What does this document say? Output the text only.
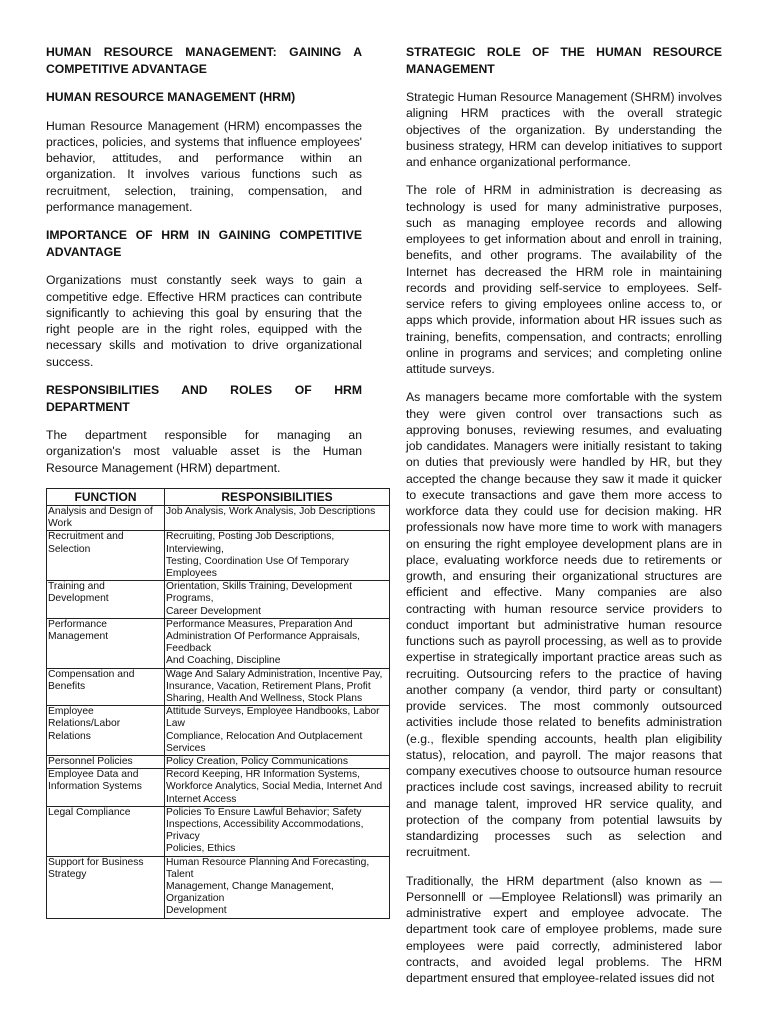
HUMAN RESOURCE MANAGEMENT: GAINING A COMPETITIVE ADVANTAGE
HUMAN RESOURCE MANAGEMENT (HRM)

Human Resource Management (HRM) encompasses the practices, policies, and systems that influence employees' behavior, attitudes, and performance within an organization. It involves various functions such as recruitment, selection, training, compensation, and performance management.

IMPORTANCE OF HRM IN GAINING COMPETITIVE ADVANTAGE

Organizations must constantly seek ways to gain a competitive edge. Effective HRM practices can contribute significantly to achieving this goal by ensuring that the right people are in the right roles, equipped with the necessary skills and motivation to drive organizational success.

RESPONSIBILITIES AND ROLES OF HRM DEPARTMENT

The department responsible for managing an organization's most valuable asset is the Human Resource Management (HRM) department.

FUNCTION	RESPONSIBILITIES
Analysis and Design of Work	Job Analysis, Work Analysis, Job Descriptions

Recruitment and Selection	Recruiting, Posting Job Descriptions, Interviewing,
Testing, Coordination Use Of Temporary Employees

Training and Development	Orientation, Skills Training, Development Programs,
Career Development

Performance Management	Performance Measures, Preparation And Administration Of Performance Appraisals, Feedback
And Coaching, Discipline

Compensation and Benefits	Wage And Salary Administration, Incentive Pay,
Insurance, Vacation, Retirement Plans, Profit Sharing, Health And Wellness, Stock Plans

Employee Relations/Labor Relations	Attitude Surveys, Employee Handbooks, Labor Law
Compliance, Relocation And Outplacement Services

Personnel Policies	Policy Creation, Policy Communications

Employee Data and Information Systems	Record Keeping, HR Information Systems, Workforce Analytics, Social Media, Internet And
Internet Access

Legal Compliance	Policies To Ensure Lawful Behavior; Safety Inspections, Accessibility Accommodations, Privacy
Policies, Ethics

Support for Business Strategy	Human Resource Planning And Forecasting, Talent
Management, Change Management, Organization
Development
STRATEGIC ROLE OF THE HUMAN RESOURCE MANAGEMENT

Strategic Human Resource Management (SHRM) involves aligning HRM practices with the overall strategic objectives of the organization. By understanding the business strategy, HRM can develop initiatives to support and enhance organizational performance.

The role of HRM in administration is decreasing as technology is used for many administrative purposes, such as managing employee records and allowing employees to get information about and enroll in training, benefits, and other programs. The availability of the Internet has decreased the HRM role in maintaining records and providing self-service to employees. Self-service refers to giving employees online access to, or apps which provide, information about HR issues such as training, benefits, compensation, and contracts; enrolling online in programs and services; and completing online attitude surveys.

As managers became more comfortable with the system they were given control over transactions such as approving bonuses, reviewing resumes, and evaluating job candidates. Managers were initially resistant to taking on duties that previously were handled by HR, but they accepted the change because they saw it made it quicker to execute transactions and gave them more access to workforce data they could use for decision making. HR professionals now have more time to work with managers on ensuring the right employee development plans are in place, evaluating workforce needs due to retirements or growth, and ensuring their organizational structures are efficient and effective. Many companies are also contracting with human resource service providers to conduct important but administrative human resource functions such as payroll processing, as well as to provide expertise in strategically important practice areas such as recruiting. Outsourcing refers to the practice of having another company (a vendor, third party or consultant) provide services. The most commonly outsourced activities include those related to benefits administration (e.g., flexible spending accounts, health plan eligibility status), relocation, and payroll. The major reasons that company executives choose to outsource human resource practices include cost savings, increased ability to recruit and manage talent, improved HR service quality, and protection of the company from potential lawsuits by standardizing processes such as selection and recruitment.

Traditionally, the HRM department (also known as —Personnel‖ or —Employee Relations‖) was primarily an administrative expert and employee advocate. The department took care of employee problems, made sure employees were paid correctly, administered labor contracts, and avoided legal problems. The HRM department ensured that employee-related issues did not
